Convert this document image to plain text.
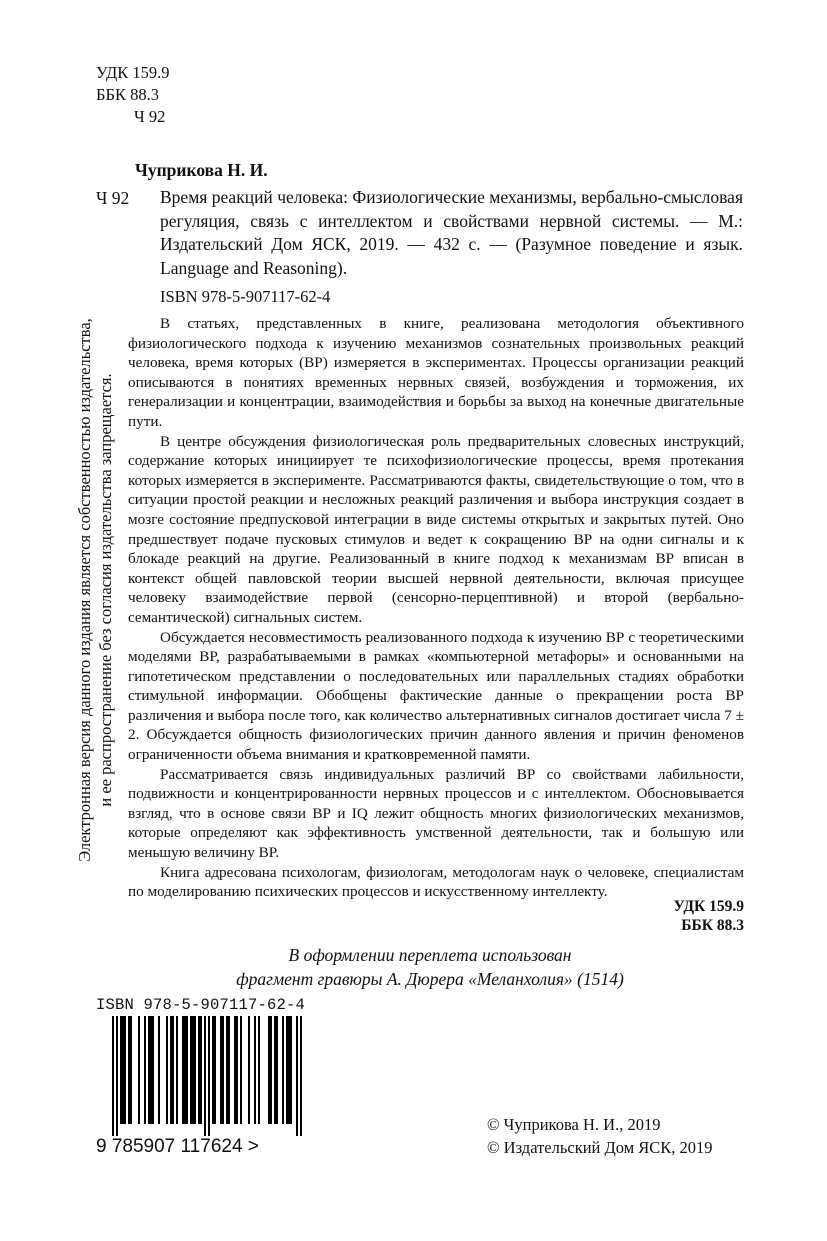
УДК 159.9
ББК 88.3
Ч 92
Чуприкова Н. И.
Ч 92 Время реакций человека: Физиологические механизмы, вербально-смысловая регуляция, связь с интеллектом и свойствами нервной системы. — М.: Издательский Дом ЯСК, 2019. — 432 с. — (Разумное поведение и язык. Language and Reasoning).
ISBN 978-5-907117-62-4

В статьях, представленных в книге, реализована методология объективного физиологического подхода к изучению механизмов сознательных произвольных реакций человека, время которых (ВР) измеряется в экспериментах. Процессы организации реакций описываются в понятиях временных нервных связей, возбуждения и торможения, их генерализации и концентрации, взаимодействия и борьбы за выход на конечные двигательные пути.

В центре обсуждения физиологическая роль предварительных словесных инструкций, содержание которых инициирует те психофизиологические процессы, время протекания которых измеряется в эксперименте. Рассматриваются факты, свидетельствующие о том, что в ситуации простой реакции и несложных реакций различения и выбора инструкция создает в мозге состояние предпусковой интеграции в виде системы открытых и закрытых путей. Оно предшествует подаче пусковых стимулов и ведет к сокращению ВР на одни сигналы и к блокаде реакций на другие. Реализованный в книге подход к механизмам ВР вписан в контекст общей павловской теории высшей нервной деятельности, включая присущее человеку взаимодействие первой (сенсорно-перцептивной) и второй (вербально-семантической) сигнальных систем.

Обсуждается несовместимость реализованного подхода к изучению ВР с теоретическими моделями ВР, разрабатываемыми в рамках «компьютерной метафоры» и основанными на гипотетическом представлении о последовательных или параллельных стадиях обработки стимульной информации. Обобщены фактические данные о прекращении роста ВР различения и выбора после того, как количество альтернативных сигналов достигает числа 7 ± 2. Обсуждается общность физиологических причин данного явления и причин феноменов ограниченности объема внимания и кратковременной памяти.

Рассматривается связь индивидуальных различий ВР со свойствами лабильности, подвижности и концентрированности нервных процессов и с интеллектом. Обосновывается взгляд, что в основе связи ВР и IQ лежит общность многих физиологических механизмов, которые определяют как эффективность умственной деятельности, так и большую или меньшую величину ВР.

Книга адресована психологам, физиологам, методологам наук о человеке, специалистам по моделированию психических процессов и искусственному интеллекту.

УДК 159.9
ББК 88.3
В оформлении переплета использован
фрагмент гравюры А. Дюрера «Меланхолия» (1514)
Электронная версия данного издания является собственностью издательства, и ее распространение без согласия издательства запрещается.
ISBN 978-5-907117-62-4
9 785907 117624 >
© Чуприкова Н. И., 2019
© Издательский Дом ЯСК, 2019
